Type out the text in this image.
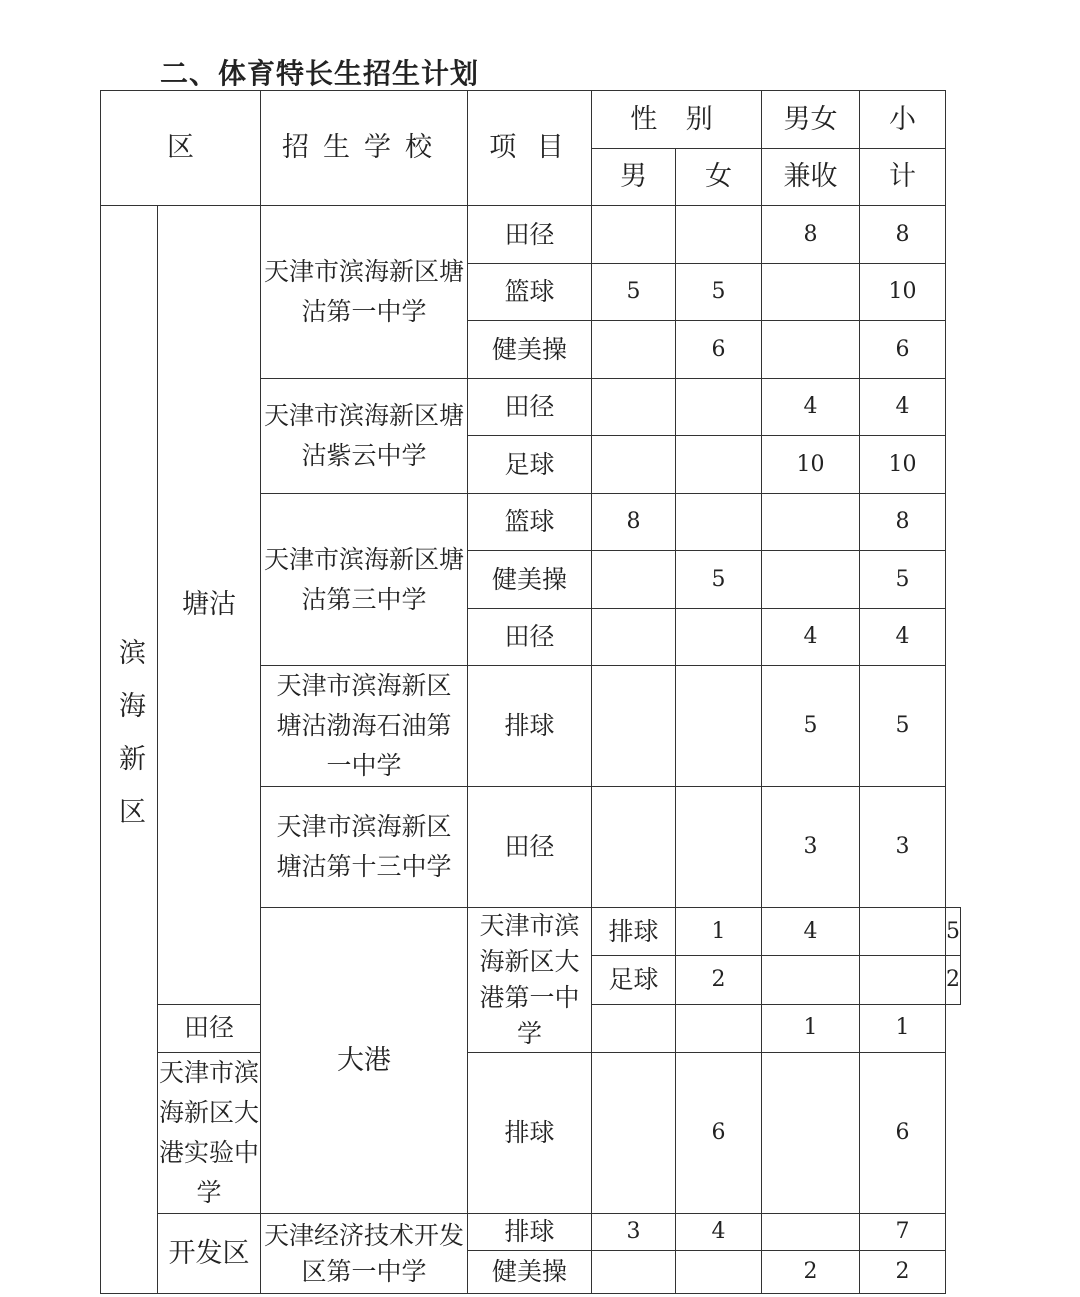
二、体育特长生招生计划
区		招生学校	项 目	性 别		男女	小	
				男	女	兼收	计	
滨海新区	塘沽	天津市滨海新区塘沽第一中学	田径			8	8	
			篮球	5	5		10	
			健美操		6		6	
		天津市滨海新区塘沽紫云中学	田径			4	4	
			足球			10	10	
		天津市滨海新区塘沽第三中学	篮球	8			8	
			健美操		5		5	
			田径			4	4	
		天津市滨海新区塘沽渤海石油第一中学	排球			5	5	
		天津市滨海新区塘沽第十三中学	田径			3	3	
		大港	天津市滨海新区大港第一中学	排球	1	4		5
				足球	2			2
	田径					1	1	
	天津市滨海新区大港实验中学		排球		6		6	
	开发区	天津经济技术开发区第一中学	排球	3	4		7	
			健美操			2	2	
